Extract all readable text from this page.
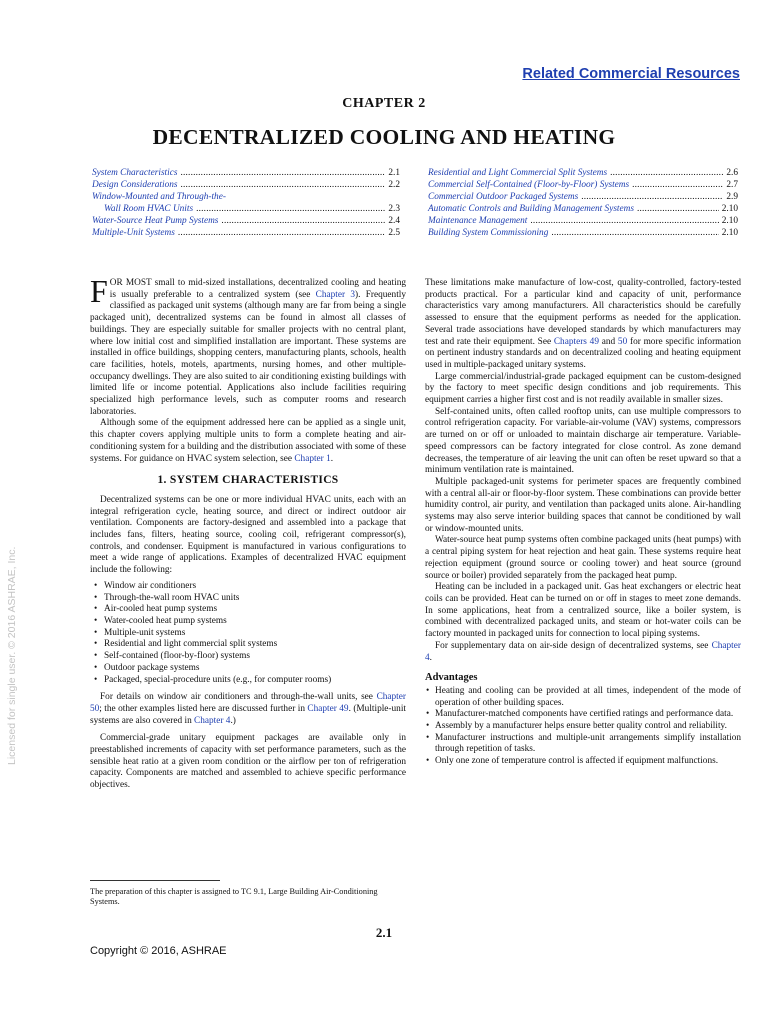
Related Commercial Resources
CHAPTER 2
DECENTRALIZED COOLING AND HEATING
System Characteristics .....	2.1
Design Considerations .....	2.2
Window-Mounted and Through-the-
Wall Room HVAC Units .....	2.3
Water-Source Heat Pump Systems .....	2.4
Multiple-Unit Systems .....	2.5
Residential and Light Commercial Split Systems .....	2.6
Commercial Self-Contained (Floor-by-Floor) Systems .....	2.7
Commercial Outdoor Packaged Systems .....	2.9
Automatic Controls and Building Management Systems .....	2.10
Maintenance Management .....	2.10
Building System Commissioning .....	2.10

FOR MOST small to mid-sized installations, decentralized cooling and heating is usually preferable to a centralized system (see Chapter 3). Frequently classified as packaged unit systems (although many are far from being a single packaged unit), decentralized systems can be found in almost all classes of buildings. They are especially suitable for smaller projects with no central plant, where low initial cost and simplified installation are important. These systems are installed in office buildings, shopping centers, manufacturing plants, schools, health care facilities, hotels, motels, apartments, nursing homes, and other multiple-occupancy dwellings. They are also suited to air conditioning existing buildings with limited life or income potential. Applications also include facilities requiring specialized high performance levels, such as computer rooms and research laboratories.

Although some of the equipment addressed here can be applied as a single unit, this chapter covers applying multiple units to form a complete heating and air-conditioning system for a building and the distribution associated with some of these systems. For guidance on HVAC system selection, see Chapter 1.

1. SYSTEM CHARACTERISTICS

Decentralized systems can be one or more individual HVAC units, each with an integral refrigeration cycle, heating source, and direct or indirect outdoor air ventilation. Components are factory-designed and assembled into a package that includes fans, filters, heating source, cooling coil, refrigerant compressor(s), controls, and condenser. Equipment is manufactured in various configurations to meet a wide range of applications. Examples of decentralized HVAC equipment include the following:

• Window air conditioners
• Through-the-wall room HVAC units
• Air-cooled heat pump systems
• Water-cooled heat pump systems
• Multiple-unit systems
• Residential and light commercial split systems
• Self-contained (floor-by-floor) systems
• Outdoor package systems
• Packaged, special-procedure units (e.g., for computer rooms)

For details on window air conditioners and through-the-wall units, see Chapter 50; the other examples listed here are discussed further in Chapter 49. (Multiple-unit systems are also covered in Chapter 4.)

Commercial-grade unitary equipment packages are available only in preestablished increments of capacity with set performance parameters, such as the sensible heat ratio at a given room condition or the airflow per ton of refrigeration capacity. Components are matched and assembled to achieve specific performance objectives.

These limitations make manufacture of low-cost, quality-controlled, factory-tested products practical. For a particular kind and capacity of unit, performance characteristics vary among manufacturers. All characteristics should be carefully assessed to ensure that the equipment performs as needed for the application. Several trade associations have developed standards by which manufacturers may test and rate their equipment. See Chapters 49 and 50 for more specific information on pertinent industry standards and on decentralized cooling and heating equipment used in multiple-packaged unitary systems.

Large commercial/industrial-grade packaged equipment can be custom-designed by the factory to meet specific design conditions and job requirements. This equipment carries a higher first cost and is not readily available in smaller sizes.

Self-contained units, often called rooftop units, can use multiple compressors to control refrigeration capacity. For variable-air-volume (VAV) systems, compressors are turned on or off or unloaded to maintain discharge air temperature. Variable-speed compressors can be factory integrated for close control. As zone demand decreases, the temperature of air leaving the unit can often be reset upward so that a minimum ventilation rate is maintained.

Multiple packaged-unit systems for perimeter spaces are frequently combined with a central all-air or floor-by-floor system. These combinations can provide better humidity control, air purity, and ventilation than packaged units alone. Air-handling systems may also serve interior building spaces that cannot be conditioned by wall or window-mounted units.

Water-source heat pump systems often combine packaged units (heat pumps) with a central piping system for heat rejection and heat gain. These systems require heat rejection equipment (ground source or cooling tower) and heat source (ground source or boiler) provided separately from the packaged heat pump.

Heating can be included in a packaged unit. Gas heat exchangers or electric heat coils can be provided. Heat can be turned on or off in stages to meet zone demands. In some applications, heat from a centralized source, like a boiler system, is combined with decentralized packaged units, and steam or hot-water coils can be factory mounted in packaged units for connection to local piping systems.

For supplementary data on air-side design of decentralized systems, see Chapter 4.

Advantages
• Heating and cooling can be provided at all times, independent of the mode of operation of other building spaces.
• Manufacturer-matched components have certified ratings and performance data.
• Assembly by a manufacturer helps ensure better quality control and reliability.
• Manufacturer instructions and multiple-unit arrangements simplify installation through repetition of tasks.
• Only one zone of temperature control is affected if equipment malfunctions.
The preparation of this chapter is assigned to TC 9.1, Large Building Air-Conditioning Systems.
2.1
Copyright © 2016, ASHRAE
Licensed for single user. © 2016 ASHRAE, Inc.
